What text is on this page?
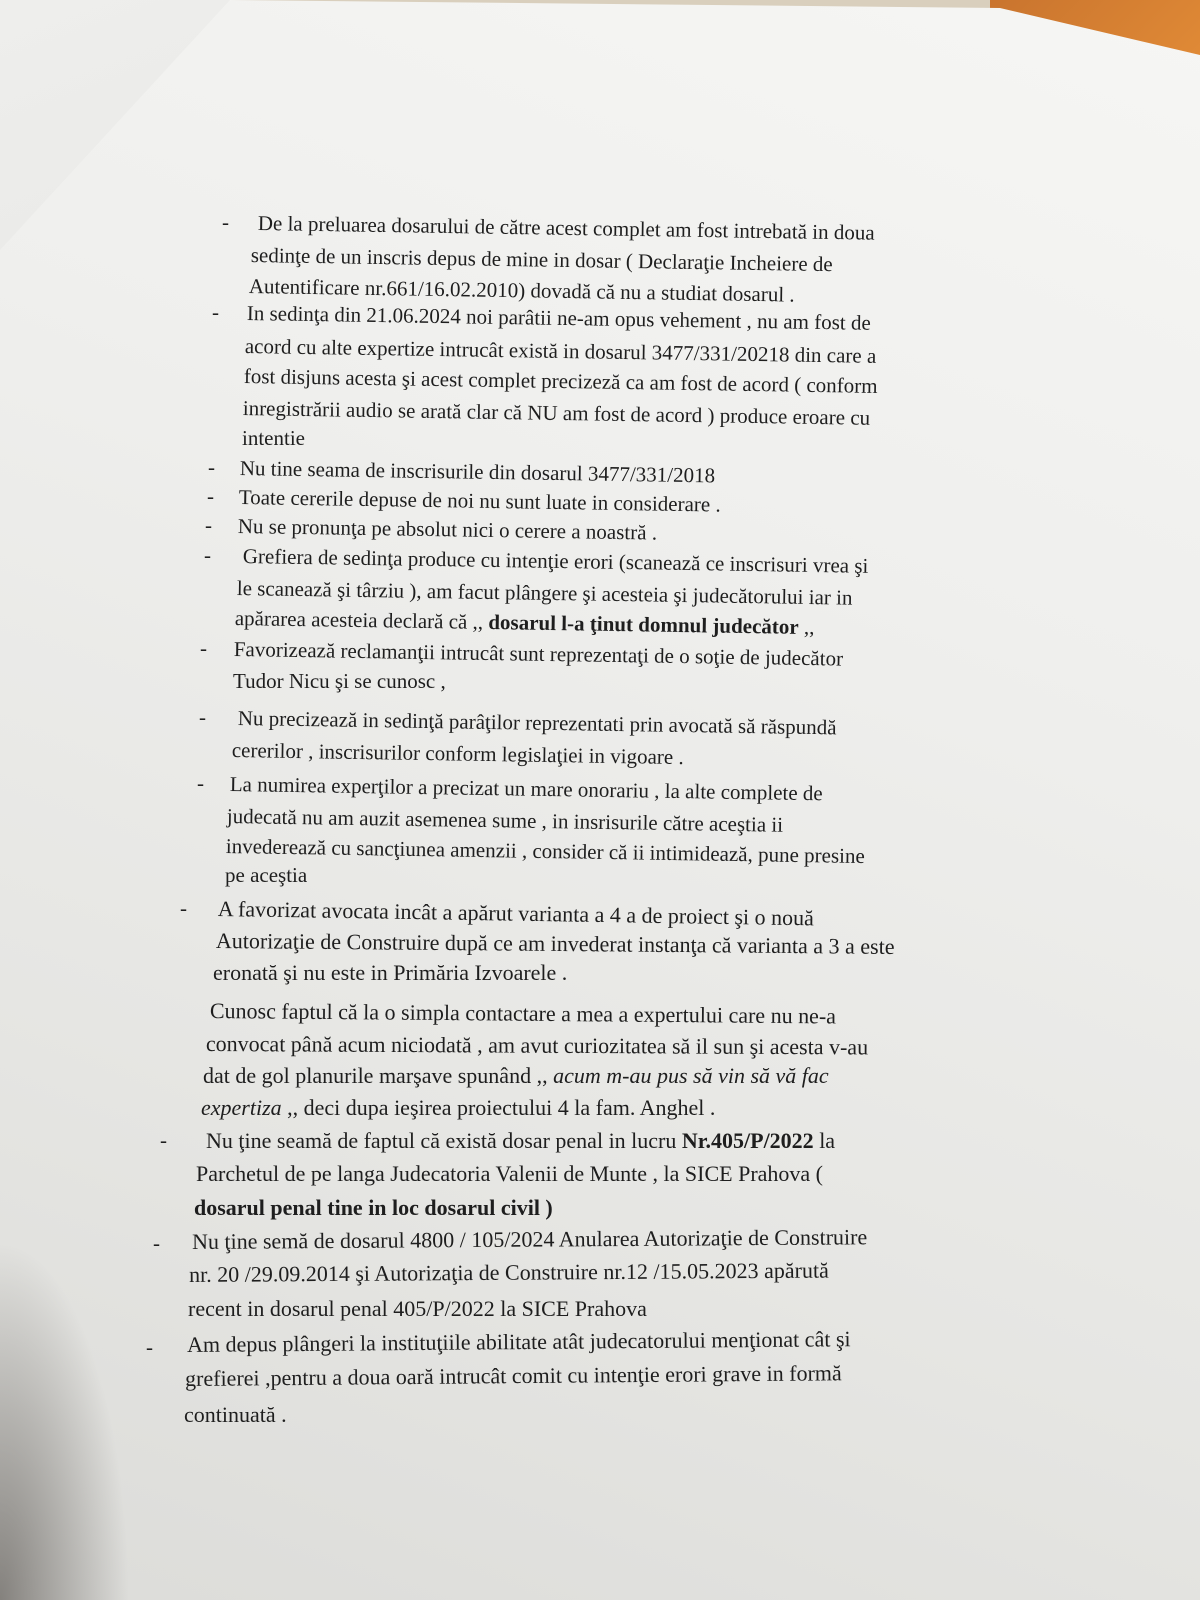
- De la preluarea dosarului de către acest complet am fost intrebată in doua
sedinţe de un inscris depus de mine in dosar ( Declaraţie Incheiere de
Autentificare nr.661/16.02.2010) dovadă că nu a studiat dosarul .
- In sedinţa din 21.06.2024 noi parâtii ne-am opus vehement , nu am fost de
acord cu alte expertize intrucât există in dosarul 3477/331/20218 din care a
fost disjuns acesta şi acest complet precizeză ca am fost de acord ( conform
inregistrării audio se arată clar că NU am fost de acord ) produce eroare cu
intentie
- Nu tine seama de inscrisurile din dosarul 3477/331/2018
- Toate cererile depuse de noi nu sunt luate in considerare .
- Nu se pronunţa pe absolut nici o cerere a noastră .
- Grefiera de sedinţa produce cu intenţie erori (scanează ce inscrisuri vrea şi
le scanează şi târziu ), am facut plângere şi acesteia şi judecătorului iar in
apărarea acesteia declară că ,, dosarul l-a ţinut domnul judecător ,,
- Favorizează reclamanţii intrucât sunt reprezentaţi de o soţie de judecător
Tudor Nicu şi se cunosc ,
- Nu precizează in sedinţă parâţilor reprezentati prin avocată să răspundă
cererilor , inscrisurilor conform legislaţiei in vigoare .
- La numirea experţilor a precizat un mare onorariu , la alte complete de
judecată nu am auzit asemenea sume , in insrisurile către aceştia ii
invederează cu sancţiunea amenzii , consider că ii intimidează, pune presine
pe aceştia
- A favorizat avocata incât a apărut varianta a 4 a de proiect şi o nouă
Autorizaţie de Construire după ce am invederat instanţa că varianta a 3 a este
eronată şi nu este in Primăria Izvoarele .
Cunosc faptul că la o simpla contactare a mea a expertului care nu ne-a
convocat până acum niciodată , am avut curiozitatea să il sun şi acesta v-au
dat de gol planurile marşave spunând ,, acum m-au pus să vin să vă fac
expertiza ,, deci dupa ieşirea proiectului 4 la fam. Anghel .
- Nu ţine seamă de faptul că există dosar penal in lucru Nr.405/P/2022 la
Parchetul de pe langa Judecatoria Valenii de Munte , la SICE Prahova (
dosarul penal tine in loc dosarul civil )
- Nu ţine semă de dosarul 4800 / 105/2024 Anularea Autorizaţie de Construire
nr. 20 /29.09.2014 şi Autorizaţia de Construire nr.12 /15.05.2023 apărută
recent in dosarul penal 405/P/2022 la SICE Prahova
- Am depus plângeri la instituţiile abilitate atât judecatorului menţionat cât şi
grefierei ,pentru a doua oară intrucât comit cu intenţie erori grave in formă
continuată .
